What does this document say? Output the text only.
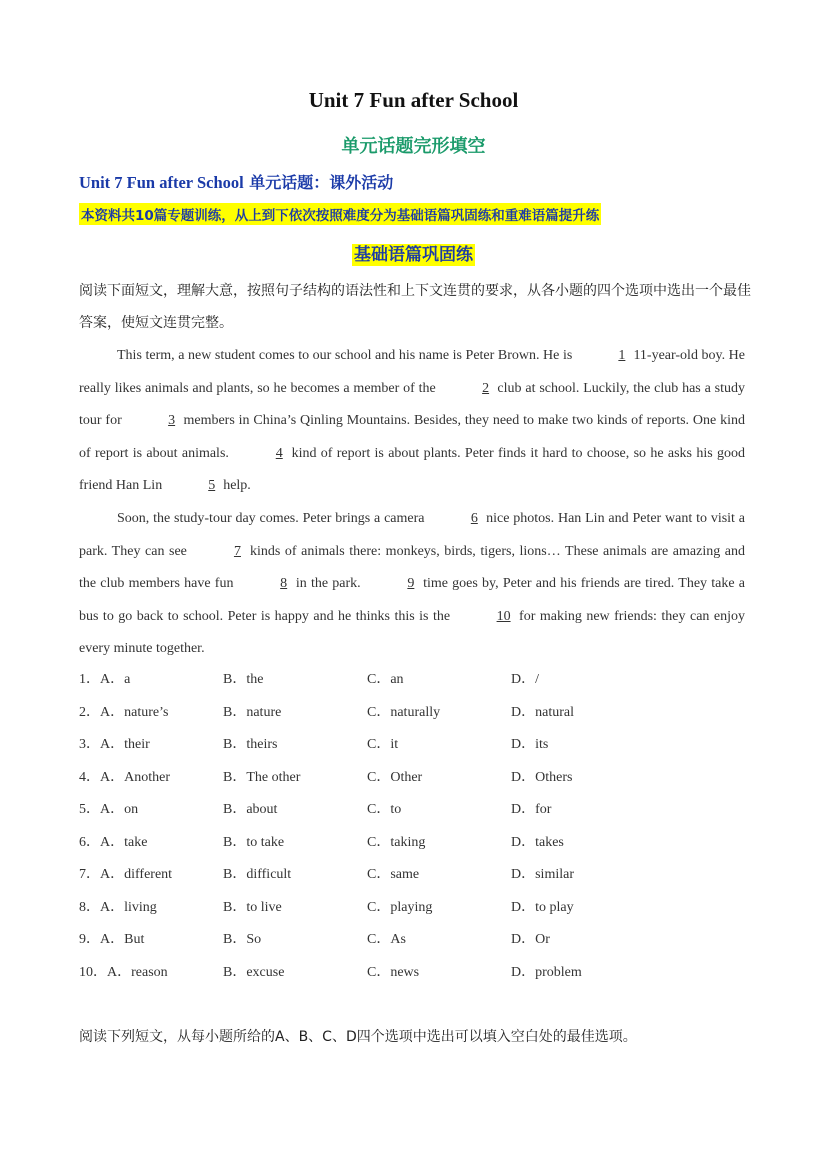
Unit 7 Fun after School
单元话题完形填空
Unit 7 Fun after School 单元话题：课外活动
本资料共10篇专题训练，从上到下依次按照难度分为基础语篇巩固练和重难语篇提升练
基础语篇巩固练
阅读下面短文，理解大意，按照句子结构的语法性和上下文连贯的要求，从各小题的四个选项中选出一个最佳答案，使短文连贯完整。

This term, a new student comes to our school and his name is Peter Brown. He is	1 11-year-old boy. He really likes animals and plants, so he becomes a member of the	2 club at school. Luckily, the club has a study tour for	3 members in China’s Qinling Mountains. Besides, they need to make two kinds of reports. One kind of report is about animals.	4 kind of report is about plants. Peter finds it hard to choose, so he asks his good friend Han Lin	5 help.

Soon, the study-tour day comes. Peter brings a camera	6 nice photos. Han Lin and Peter want to visit a park. They can see	7 kinds of animals there: monkeys, birds, tigers, lions… These animals are amazing and the club members have fun	8 in the park.	9 time goes by, Peter and his friends are tired. They take a bus to go back to school. Peter is happy and he thinks this is the	10 for making new friends: they can enjoy every minute together.

1．A．a	B．the	C．an	D．/
2．A．nature’s	B．nature	C．naturally	D．natural
3．A．their	B．theirs	C．it	D．its
4．A．Another	B．The other	C．Other	D．Others
5．A．on	B．about	C．to	D．for
6．A．take	B．to take	C．taking	D．takes
7．A．different	B．difficult	C．same	D．similar
8．A．living	B．to live	C．playing	D．to play
9．A．But	B．So	C．As	D．Or
10．A．reason	B．excuse	C．news	D．problem
阅读下列短文，从每小题所给的A、B、C、D四个选项中选出可以填入空白处的最佳选项。
